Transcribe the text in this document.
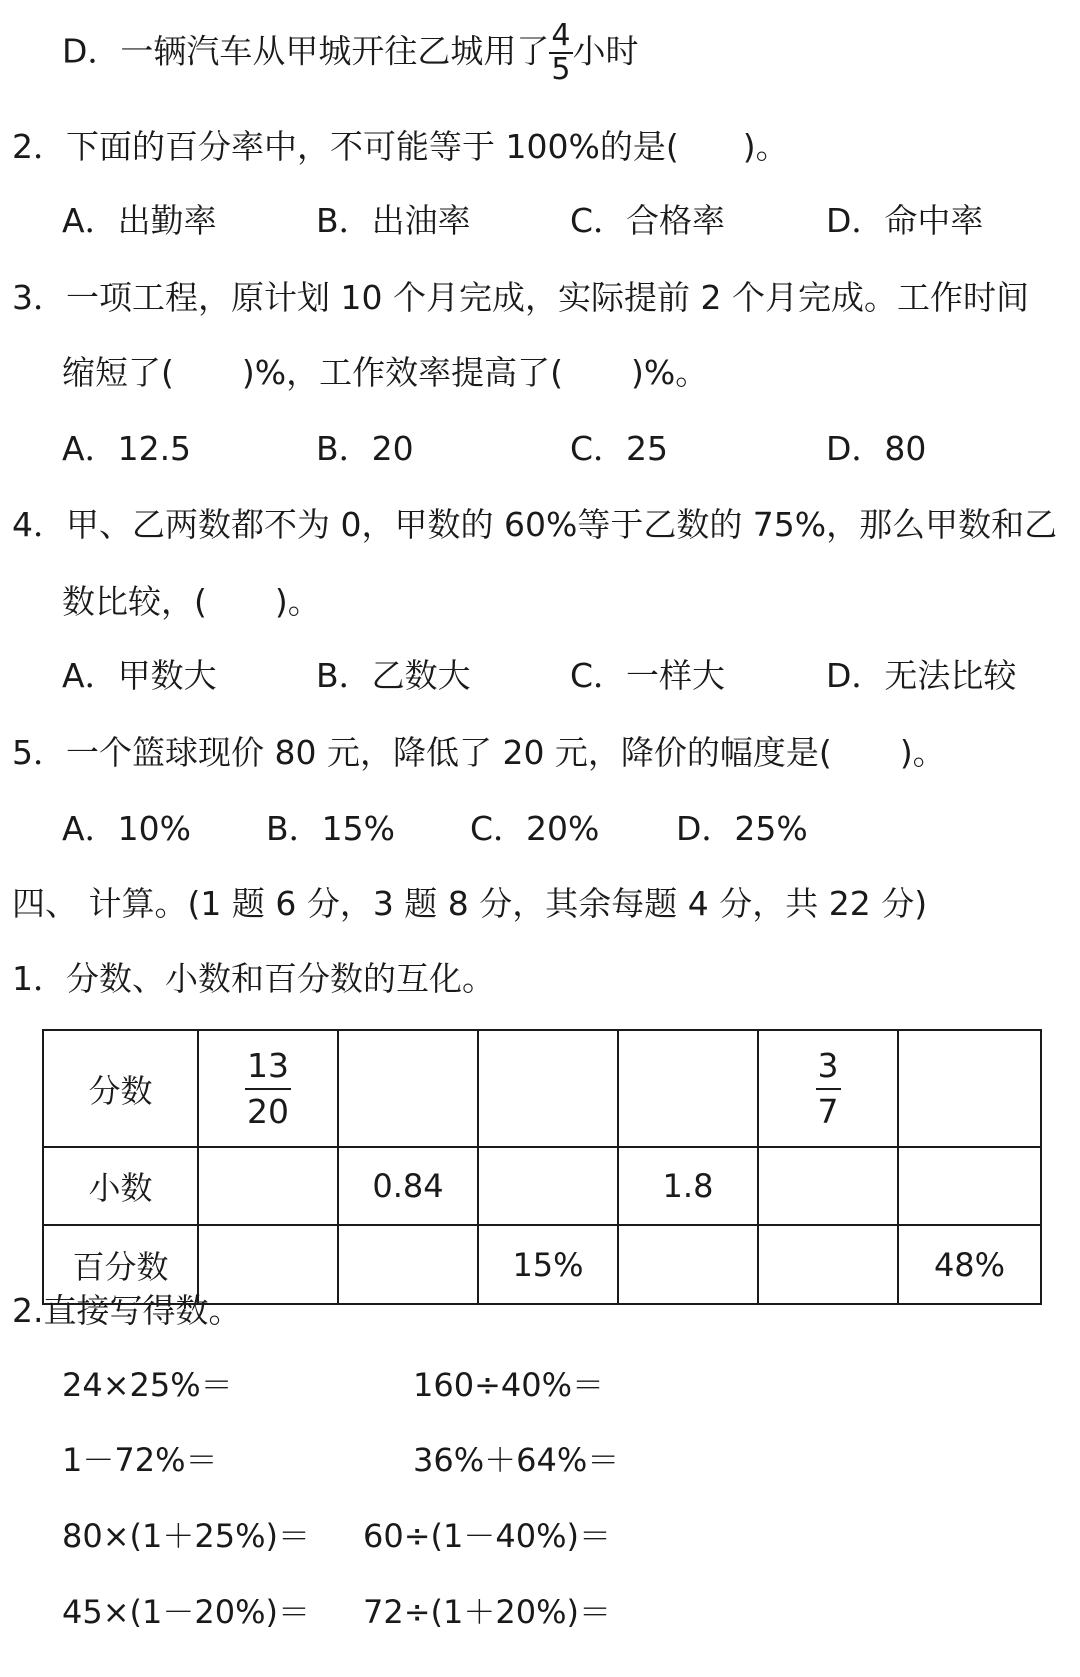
D．一辆汽车从甲城开往乙城用了 $\frac{4}{5}$ 小时
2．下面的百分率中，不可能等于 100%的是( )。
A．出勤率	B．出油率	C．合格率	D．命中率
3．一项工程，原计划 10 个月完成，实际提前 2 个月完成。工作时间
缩短了( )%，工作效率提高了( )%。
A．12.5	B．20	C．25	D．80
4．甲、乙两数都不为 0，甲数的 60%等于乙数的 75%，那么甲数和乙
数比较，( )。
A．甲数大	B．乙数大	C．一样大	D．无法比较
5．一个篮球现价 80 元，降低了 20 元，降价的幅度是( )。
A．10% B．15% C．20% D．25%
四、 计算。(1 题 6 分，3 题 8 分，其余每题 4 分，共 22 分)
1．分数、小数和百分数的互化。
分数	$\frac{13}{20}$				$\frac{3}{7}$

小数		0.84		1.8		
百分数			15%			48%
2.直接写得数。
24×25%＝	160÷40%＝
1－72%＝	36%＋64%＝
80×(1＋25%)＝ 60÷(1－40%)＝
45×(1－20%)＝ 72÷(1＋20%)＝
